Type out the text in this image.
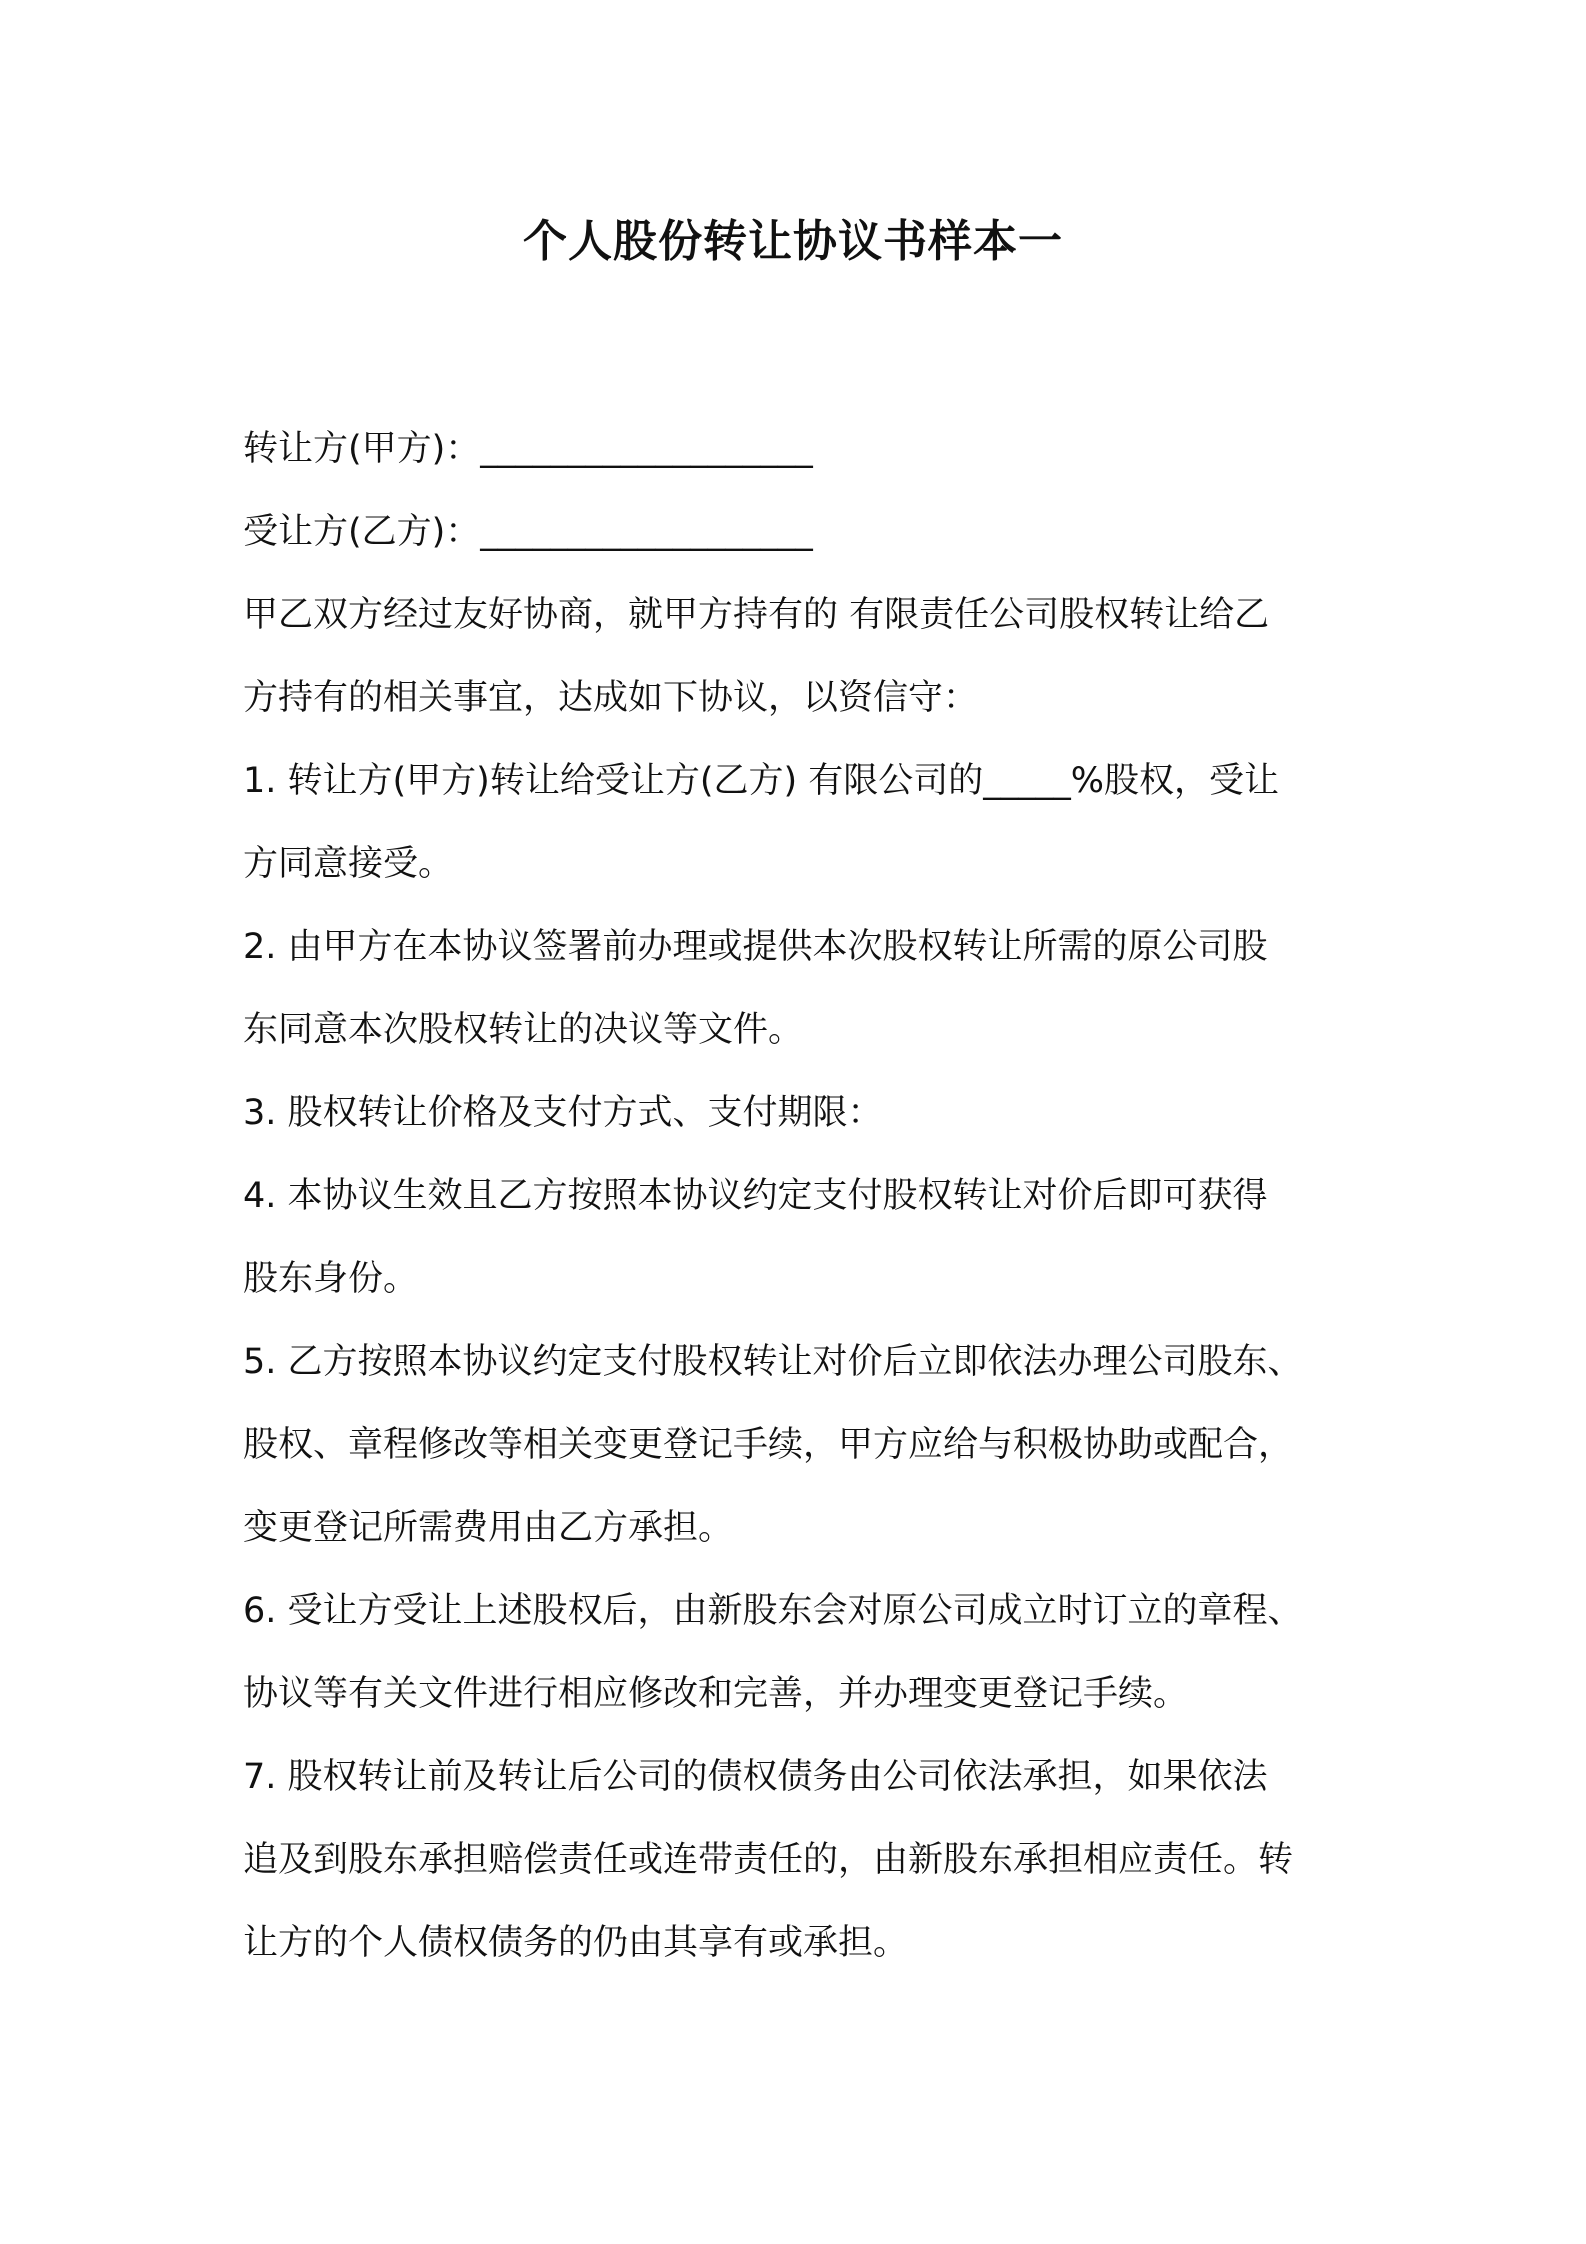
个人股份转让协议书样本一
转让方(甲方)：___________________
受让方(乙方)：___________________
甲乙双方经过友好协商，就甲方持有的 有限责任公司股权转让给乙
方持有的相关事宜，达成如下协议，以资信守：
1. 转让方(甲方)转让给受让方(乙方) 有限公司的_____%股权，受让
方同意接受。
2. 由甲方在本协议签署前办理或提供本次股权转让所需的原公司股
东同意本次股权转让的决议等文件。
3. 股权转让价格及支付方式、支付期限：
4. 本协议生效且乙方按照本协议约定支付股权转让对价后即可获得
股东身份。
5. 乙方按照本协议约定支付股权转让对价后立即依法办理公司股东、
股权、章程修改等相关变更登记手续，甲方应给与积极协助或配合，
变更登记所需费用由乙方承担。
6. 受让方受让上述股权后，由新股东会对原公司成立时订立的章程、
协议等有关文件进行相应修改和完善，并办理变更登记手续。
7. 股权转让前及转让后公司的债权债务由公司依法承担，如果依法
追及到股东承担赔偿责任或连带责任的，由新股东承担相应责任。转
让方的个人债权债务的仍由其享有或承担。
